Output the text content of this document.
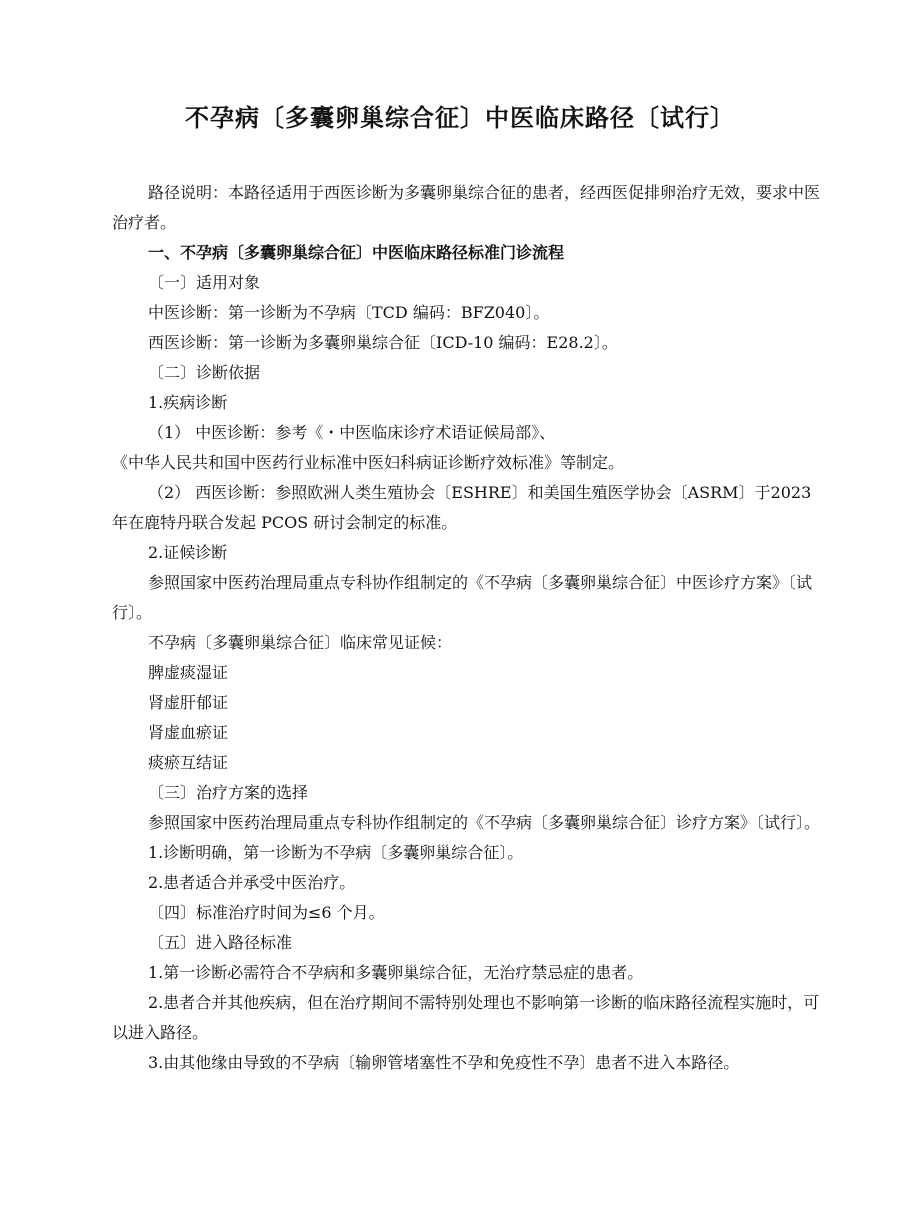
不孕病〔多囊卵巢综合征〕中医临床路径〔试行〕

路径说明：本路径适用于西医诊断为多囊卵巢综合征的患者，经西医促排卵治疗无效，要求中医治疗者。

一、不孕病〔多囊卵巢综合征〕中医临床路径标准门诊流程

〔一〕适用对象

中医诊断：第一诊断为不孕病〔TCD 编码：BFZ040〕。

西医诊断：第一诊断为多囊卵巢综合征〔ICD-10 编码：E28.2〕。

〔二〕诊断依据

1.疾病诊断

（1） 中医诊断：参考《・中医临床诊疗术语证候局部》、

《中华人民共和国中医药行业标准中医妇科病证诊断疗效标准》等制定。

（2） 西医诊断：参照欧洲人类生殖协会〔ESHRE〕和美国生殖医学协会〔ASRM〕于2023 年在鹿特丹联合发起 PCOS 研讨会制定的标准。

2.证候诊断

参照国家中医药治理局重点专科协作组制定的《不孕病〔多囊卵巢综合征〕中医诊疗方案》〔试行〕。

不孕病〔多囊卵巢综合征〕临床常见证候：

脾虚痰湿证

肾虚肝郁证

肾虚血瘀证

痰瘀互结证

〔三〕治疗方案的选择

参照国家中医药治理局重点专科协作组制定的《不孕病〔多囊卵巢综合征〕诊疗方案》〔试行〕。

1.诊断明确，第一诊断为不孕病〔多囊卵巢综合征〕。

2.患者适合并承受中医治疗。

〔四〕标准治疗时间为≤6 个月。

〔五〕进入路径标准

1.第一诊断必需符合不孕病和多囊卵巢综合征，无治疗禁忌症的患者。

2.患者合并其他疾病，但在治疗期间不需特别处理也不影响第一诊断的临床路径流程实施时，可以进入路径。

3.由其他缘由导致的不孕病〔输卵管堵塞性不孕和免疫性不孕〕患者不进入本路径。
